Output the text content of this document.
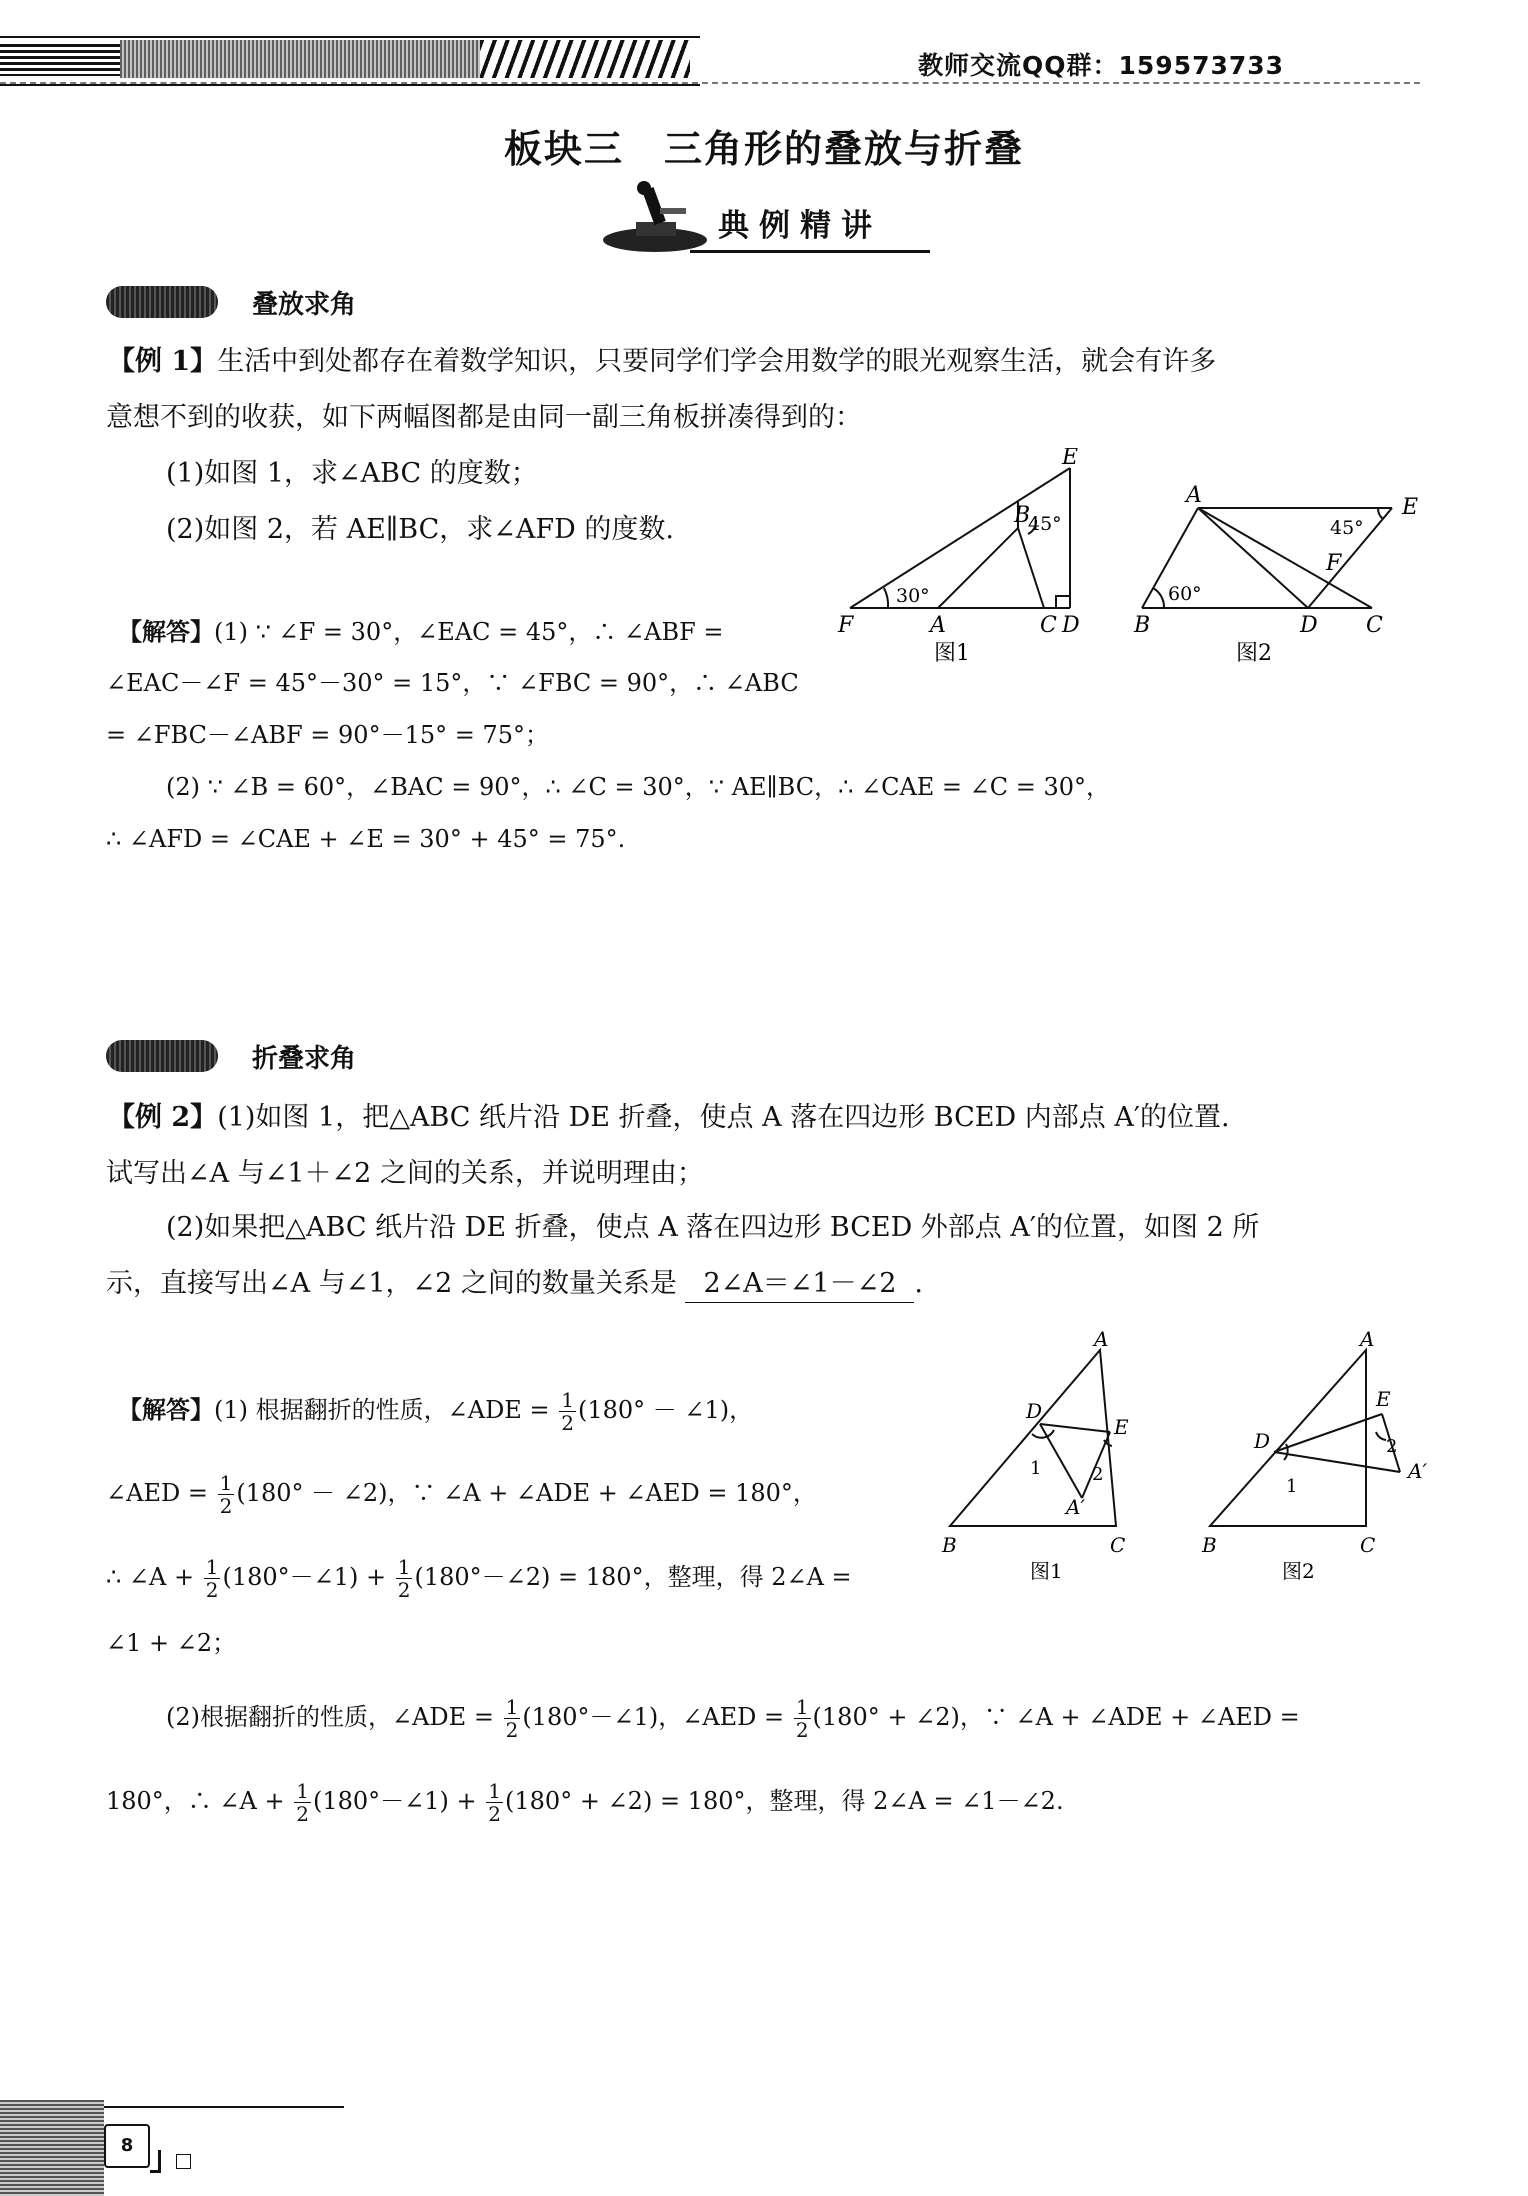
教师交流QQ群：159573733
板块三　三角形的叠放与折叠
典例精讲
叠放求角
【例 1】生活中到处都存在着数学知识，只要同学们学会用数学的眼光观察生活，就会有许多
意想不到的收获，如下两幅图都是由同一副三角板拼凑得到的：
(1)如图 1，求∠ABC 的度数；
(2)如图 2，若 AE∥BC，求∠AFD 的度数.
【解答】(1) ∵ ∠F = 30°，∠EAC = 45°，∴ ∠ABF =
∠EAC－∠F = 45°－30° = 15°，∵ ∠FBC = 90°，∴ ∠ABC
= ∠FBC－∠ABF = 90°－15° = 75°；
(2) ∵ ∠B = 60°，∠BAC = 90°，∴ ∠C = 30°，∵ AE∥BC，∴ ∠CAE = ∠C = 30°，
∴ ∠AFD = ∠CAE + ∠E = 30° + 45° = 75°.
E
B
45°
30°
F	A	C D
图1
A	E
45°
F
60°
B	D C
图2
折叠求角
【例 2】(1)如图 1，把△ABC 纸片沿 DE 折叠，使点 A 落在四边形 BCED 内部点 A′的位置.
试写出∠A 与∠1＋∠2 之间的关系，并说明理由；
(2)如果把△ABC 纸片沿 DE 折叠，使点 A 落在四边形 BCED 外部点 A′的位置，如图 2 所
示，直接写出∠A 与∠1，∠2 之间的数量关系是 2∠A＝∠1－∠2 .
【解答】(1) 根据翻折的性质，∠ADE = $\frac{1}{2} (180^\circ$ － ∠1)，
∠AED = $\frac{1}{2} (180^\circ$ － ∠2)，∵ ∠A + ∠ADE + ∠AED = 180°，
∴ ∠A + $\frac{1}{2}$ (180°－∠1) + $\frac{1}{2}$ (180°－∠2) = 180°，整理，得 2∠A =
∠1 + ∠2；
(2)根据翻折的性质，∠ADE = $\frac{1}{2}$ (180°－∠1)，∠AED = $\frac{1}{2} (180^\circ$ + ∠2)，∵ ∠A + ∠ADE + ∠AED =
180°，∴ ∠A + $\frac{1}{2}$ (180°－∠1) + $\frac{1}{2} (180^\circ$ + ∠2) = 180°，整理，得 2∠A = ∠1－∠2.
A
D
E
1	2
A′
B	C
图1
A
E
D	2
A′
1
B	C
图2
8
